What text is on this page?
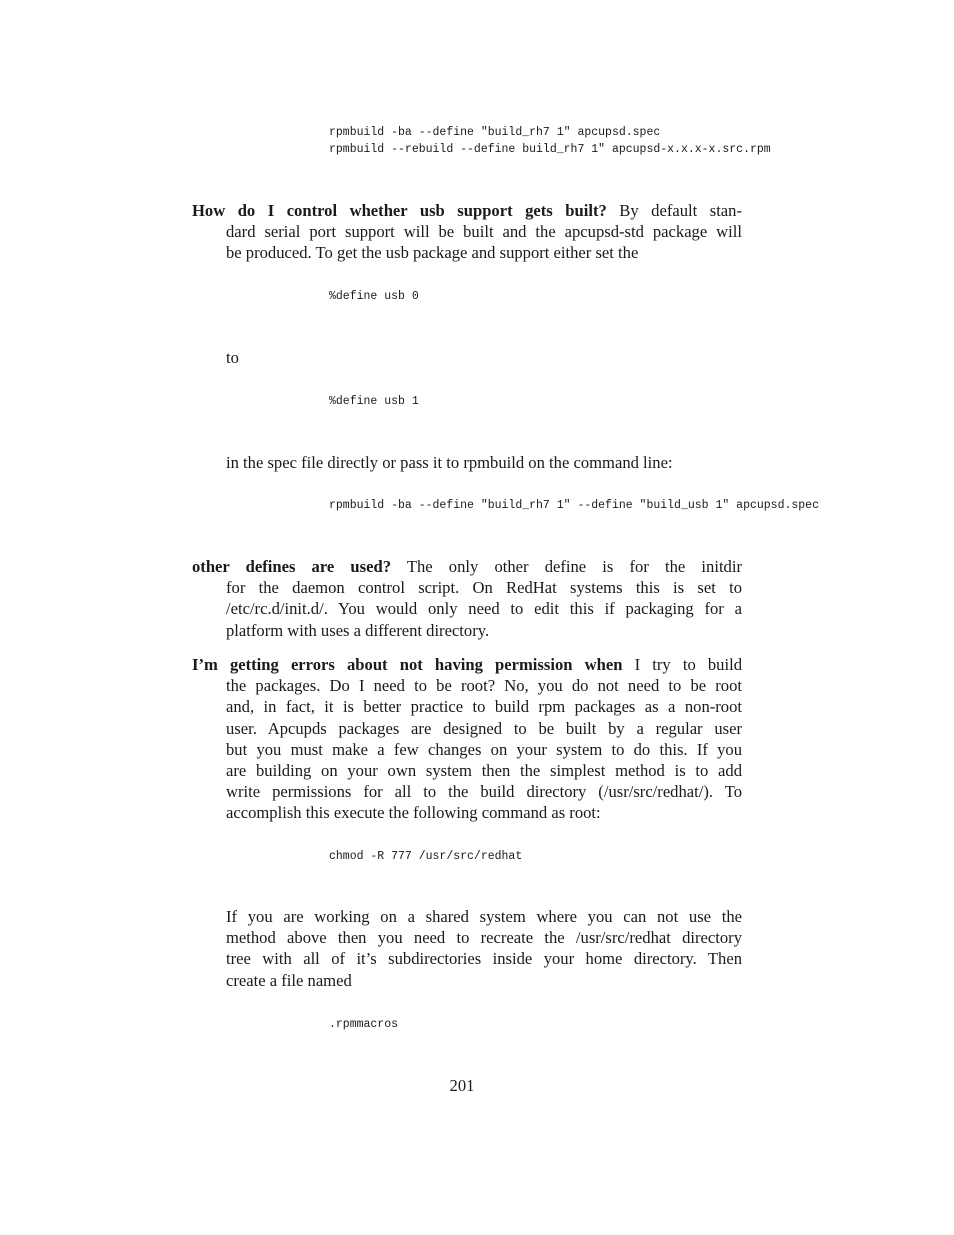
rpmbuild -ba --define "build_rh7 1" apcupsd.spec
rpmbuild --rebuild --define build_rh7 1" apcupsd-x.x.x-x.src.rpm
How do I control whether usb support gets built? By default stan-
dard serial port support will be built and the apcupsd-std package will
be produced. To get the usb package and support either set the
%define usb 0
to
%define usb 1
in the spec file directly or pass it to rpmbuild on the command line:
rpmbuild -ba --define "build_rh7 1" --define "build_usb 1" apcupsd.spec
other defines are used? The only other define is for the initdir
for the daemon control script. On RedHat systems this is set to
/etc/rc.d/init.d/. You would only need to edit this if packaging for a
platform with uses a different directory.
I’m getting errors about not having permission when I try to build
the packages. Do I need to be root? No, you do not need to be root
and, in fact, it is better practice to build rpm packages as a non-root
user. Apcupds packages are designed to be built by a regular user
but you must make a few changes on your system to do this. If you
are building on your own system then the simplest method is to add
write permissions for all to the build directory (/usr/src/redhat/). To
accomplish this execute the following command as root:
chmod -R 777 /usr/src/redhat
If you are working on a shared system where you can not use the
method above then you need to recreate the /usr/src/redhat directory
tree with all of it’s subdirectories inside your home directory. Then
create a file named
.rpmmacros
201
